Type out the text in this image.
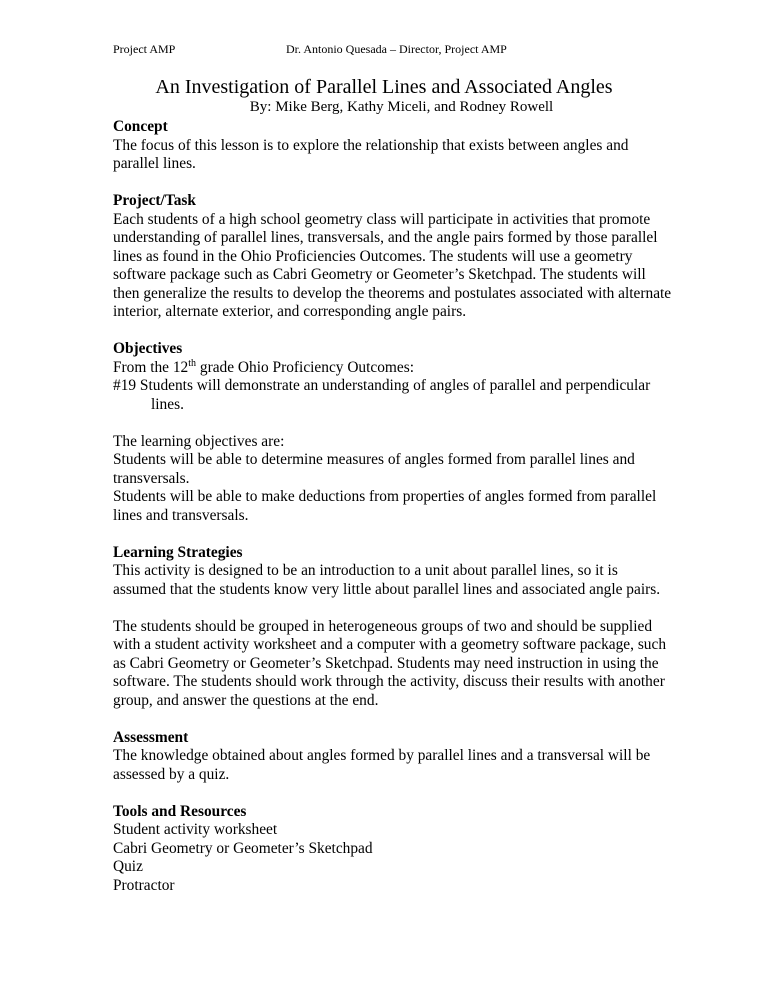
Project AMP	Dr. Antonio Quesada – Director, Project AMP
An Investigation of Parallel Lines and Associated Angles
By: Mike Berg, Kathy Miceli, and Rodney Rowell
Concept
The focus of this lesson is to explore the relationship that exists between angles and parallel lines.
Project/Task
Each students of a high school geometry class will participate in activities that promote understanding of parallel lines, transversals, and the angle pairs formed by those parallel lines as found in the Ohio Proficiencies Outcomes. The students will use a geometry software package such as Cabri Geometry or Geometer’s Sketchpad. The students will then generalize the results to develop the theorems and postulates associated with alternate interior, alternate exterior, and corresponding angle pairs.
Objectives
From the 12th grade Ohio Proficiency Outcomes:
#19 Students will demonstrate an understanding of angles of parallel and perpendicular
lines.
The learning objectives are:
Students will be able to determine measures of angles formed from parallel lines and transversals.
Students will be able to make deductions from properties of angles formed from parallel lines and transversals.
Learning Strategies
This activity is designed to be an introduction to a unit about parallel lines, so it is assumed that the students know very little about parallel lines and associated angle pairs.
The students should be grouped in heterogeneous groups of two and should be supplied with a student activity worksheet and a computer with a geometry software package, such as Cabri Geometry or Geometer’s Sketchpad. Students may need instruction in using the software. The students should work through the activity, discuss their results with another group, and answer the questions at the end.
Assessment
The knowledge obtained about angles formed by parallel lines and a transversal will be assessed by a quiz.
Tools and Resources
Student activity worksheet
Cabri Geometry or Geometer’s Sketchpad
Quiz
Protractor
